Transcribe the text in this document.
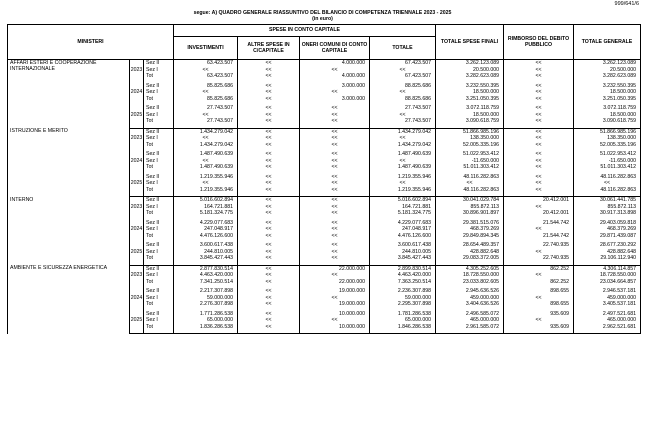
999/641/6
segue: A) QUADRO GENERALE RIASSUNTIVO DEL BILANCIO DI COMPETENZA TRIENNALE 2023 - 2025
(in euro)
MINISTERI			SPESE IN CONTO CAPITALE				TOTALE SPESE FINALI	RIMBORSO DEL DEBITO PUBBLICO	TOTALE GENERALE
			INVESTIMENTI	ALTRE SPESE IN C/CAPITALE	ONERI COMUNI DI CONTO CAPITALE	TOTALE			
AFFARI ESTERI E COOPERAZIONE INTERNAZIONALE	2023	Sez II	63.423.507	<<	4.000.000	67.423.507	3.262.123.089	<<	3.262.123.089
		Sez I	<<	<<	<<	<<	20.500.000	<<	20.500.000
		Tot	63.423.507	<<	4.000.000	67.423.507	3.282.623.089	<<	3.282.623.089

	2024	Sez II	85.825.686	<<	3.000.000	88.825.686	3.232.550.395	<<	3.232.550.395
		Sez I	<<	<<	<<	<<	18.500.000	<<	18.500.000
		Tot	85.825.686	<<	3.000.000	88.825.686	3.251.050.395	<<	3.251.050.395

	2025	Sez II	27.743.507	<<	<<	27.743.507	3.072.118.759	<<	3.072.118.759
		Sez I	<<	<<	<<	<<	18.500.000	<<	18.500.000
		Tot	27.743.507	<<	<<	27.743.507	3.090.618.759	<<	3.090.618.759

ISTRUZIONE E MERITO	2023	Sez II	1.434.279.042	<<	<<	1.434.279.042	51.866.985.196	<<	51.866.985.196
		Sez I	<<	<<	<<	<<	138.350.000	<<	138.350.000
		Tot	1.434.279.042	<<	<<	1.434.279.042	52.005.335.196	<<	52.005.335.196

	2024	Sez II	1.487.490.639	<<	<<	1.487.490.639	51.022.953.412	<<	51.022.953.412
		Sez I	<<	<<	<<	<<	-11.650.000	<<	-11.650.000
		Tot	1.487.490.639	<<	<<	1.487.490.639	51.011.303.412	<<	51.011.303.412

	2025	Sez II	1.219.355.946	<<	<<	1.219.355.946	48.116.282.863	<<	48.116.282.863
		Sez I	<<	<<	<<	<<	<<	<<	<<
		Tot	1.219.355.946	<<	<<	1.219.355.946	48.116.282.863	<<	48.116.282.863

INTERNO	2023	Sez II	5.016.602.894	<<	<<	5.016.602.894	30.041.029.784	20.412.001	30.061.441.785
		Sez I	164.721.881	<<	<<	164.721.881	855.872.113	<<	855.872.113
		Tot	5.181.324.775	<<	<<	5.181.324.775	30.896.901.897	20.412.001	30.917.313.898

	2024	Sez II	4.229.077.683	<<	<<	4.229.077.683	29.381.515.076	21.544.742	29.403.059.818
		Sez I	247.048.917	<<	<<	247.048.917	468.379.269	<<	468.379.269
		Tot	4.476.126.600	<<	<<	4.476.126.600	29.849.894.345	21.544.742	29.871.439.087

	2025	Sez II	3.600.617.438	<<	<<	3.600.617.438	28.654.489.357	22.740.935	28.677.230.292
		Sez I	244.810.005	<<	<<	244.810.005	428.882.648	<<	428.882.648
		Tot	3.845.427.443	<<	<<	3.845.427.443	29.083.372.005	22.740.935	29.106.112.940

AMBIENTE E SICUREZZA ENERGETICA	2023	Sez II	2.877.830.514	<<	22.000.000	2.899.830.514	4.305.252.605	862.252	4.306.114.857
		Sez I	4.463.420.000	<<	<<	4.463.420.000	18.728.550.000	<<	18.728.550.000
		Tot	7.341.250.514	<<	22.000.000	7.363.250.514	23.033.802.605	862.252	23.034.664.857

	2024	Sez II	2.217.307.898	<<	19.000.000	2.236.307.898	2.945.636.526	898.655	2.946.537.181
		Sez I	59.000.000	<<	<<	59.000.000	459.000.000	<<	459.000.000
		Tot	2.276.307.898	<<	19.000.000	2.295.307.898	3.404.636.526	898.655	3.405.537.181

	2025	Sez II	1.771.286.538	<<	10.000.000	1.781.286.538	2.496.585.072	935.609	2.497.521.681
		Sez I	65.000.000	<<	<<	65.000.000	465.000.000	<<	465.000.000
		Tot	1.836.286.538	<<	10.000.000	1.846.286.538	2.961.585.072	935.609	2.962.521.681
